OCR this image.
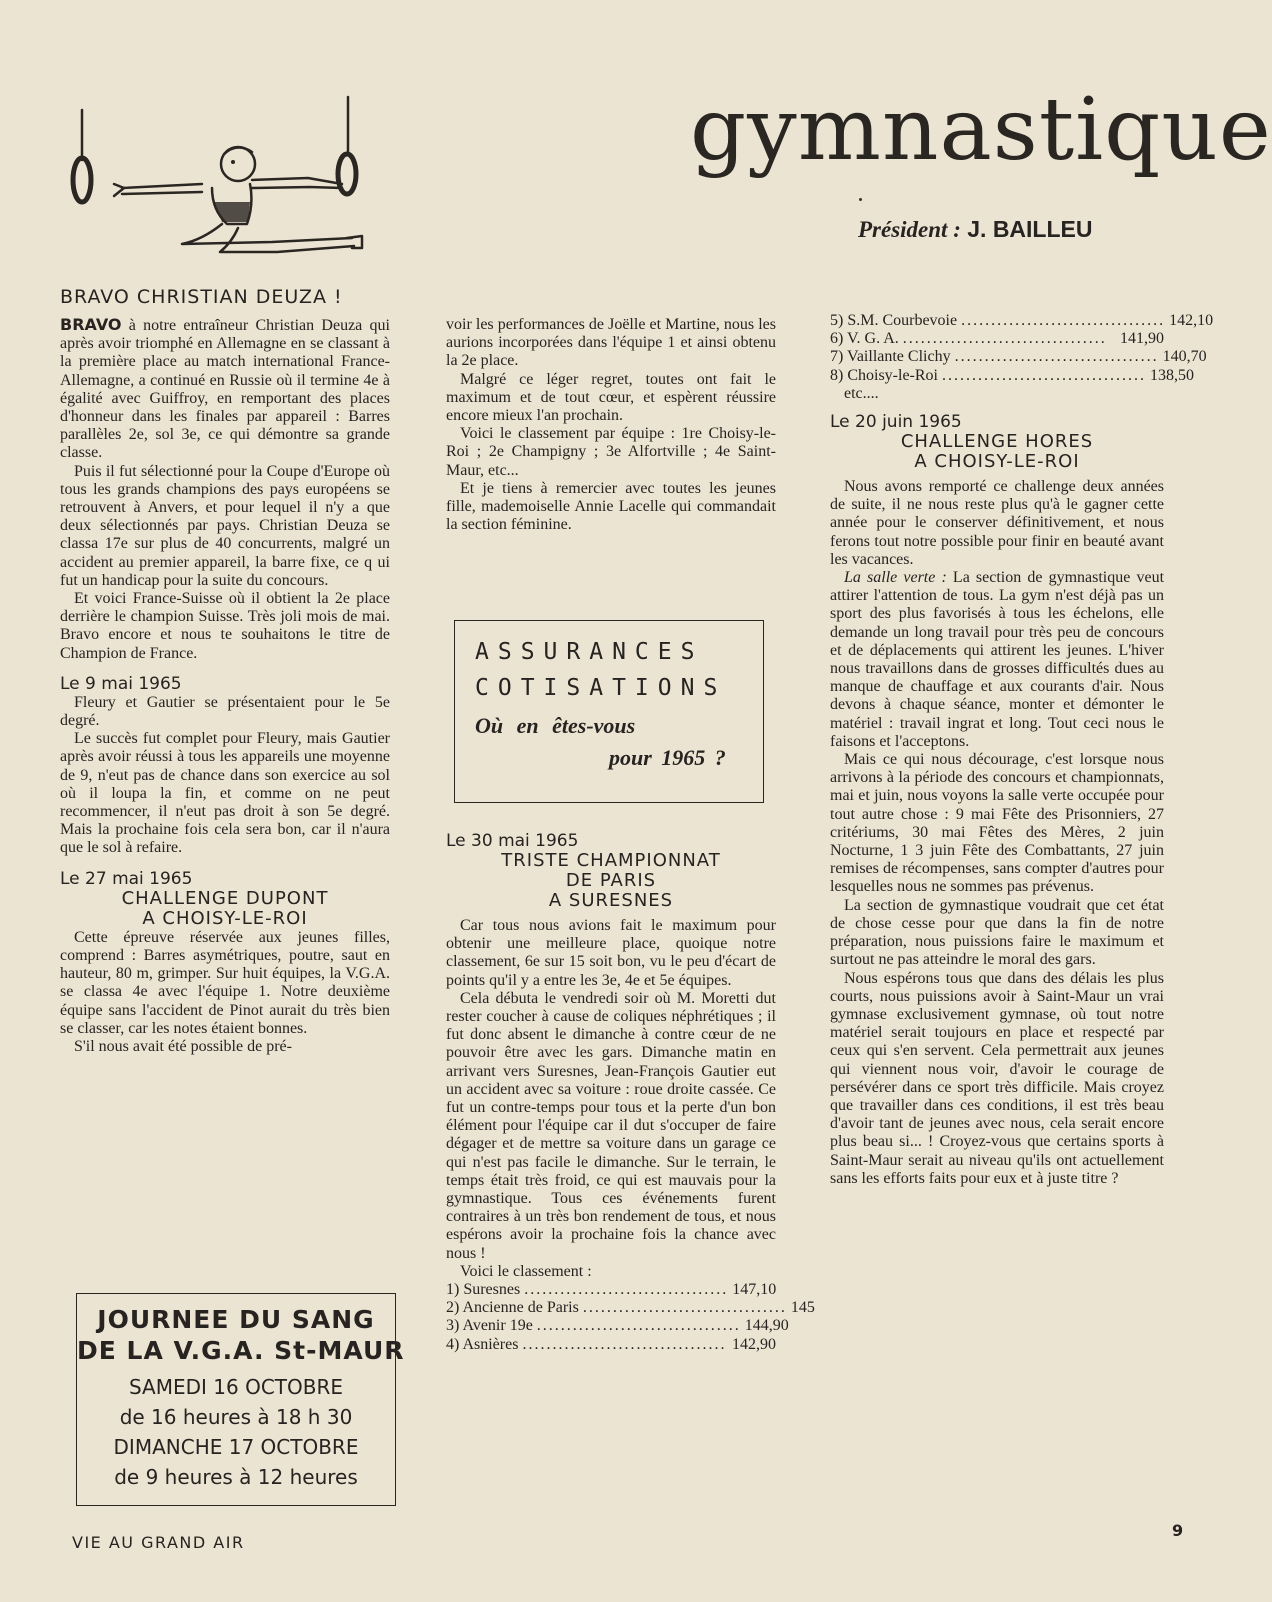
gymnastique
Président : J. BAILLEU
BRAVO CHRISTIAN DEUZA !

BRAVO à notre entraîneur Christian Deuza qui après avoir triomphé en Allemagne en se classant à la première place au match international France-Allemagne, a continué en Russie où il termine 4e à égalité avec Guiffroy, en remportant des places d'honneur dans les finales par appareil : Barres parallèles 2e, sol 3e, ce qui démontre sa grande classe.

Puis il fut sélectionné pour la Coupe d'Europe où tous les grands champions des pays européens se retrouvent à Anvers, et pour lequel il n'y a que deux sélectionnés par pays. Christian Deuza se classa 17e sur plus de 40 concurrents, malgré un accident au premier appareil, la barre fixe, ce q ui fut un handicap pour la suite du concours.

Et voici France-Suisse où il obtient la 2e place derrière le champion Suisse. Très joli mois de mai. Bravo encore et nous te souhaitons le titre de Champion de France.

Le 9 mai 1965

Fleury et Gautier se présentaient pour le 5e degré.

Le succès fut complet pour Fleury, mais Gautier après avoir réussi à tous les appareils une moyenne de 9, n'eut pas de chance dans son exercice au sol où il loupa la fin, et comme on ne peut recommencer, il n'eut pas droit à son 5e degré. Mais la prochaine fois cela sera bon, car il n'aura que le sol à refaire.

Le 27 mai 1965
CHALLENGE DUPONT
A CHOISY-LE-ROI

Cette épreuve réservée aux jeunes filles, comprend : Barres asymétriques, poutre, saut en hauteur, 80 m, grimper. Sur huit équipes, la V.G.A. se classa 4e avec l'équipe 1. Notre deuxième équipe sans l'accident de Pinot aurait du très bien se classer, car les notes étaient bonnes.

S'il nous avait été possible de pré-

JOURNEE DU SANG
DE LA V.G.A. St-MAUR
SAMEDI 16 OCTOBRE
de 16 heures à 18 h 30
DIMANCHE 17 OCTOBRE
de 9 heures à 12 heures

voir les performances de Joëlle et Martine, nous les aurions incorporées dans l'équipe 1 et ainsi obtenu la 2e place.

Malgré ce léger regret, toutes ont fait le maximum et de tout cœur, et espèrent réussire encore mieux l'an prochain.

Voici le classement par équipe : 1re Choisy-le-Roi ; 2e Champigny ; 3e Alfortville ; 4e Saint-Maur, etc...

Et je tiens à remercier avec toutes les jeunes fille, mademoiselle Annie Lacelle qui commandait la section féminine.

ASSURANCES
COTISATIONS
Où en êtes-vous
pour 1965 ?
Le 30 mai 1965
TRISTE CHAMPIONNAT
DE PARIS
A SURESNES

Car tous nous avions fait le maximum pour obtenir une meilleure place, quoique notre classement, 6e sur 15 soit bon, vu le peu d'écart de points qu'il y a entre les 3e, 4e et 5e équipes.

Cela débuta le vendredi soir où M. Moretti dut rester coucher à cause de coliques néphrétiques ; il fut donc absent le dimanche à contre cœur de ne pouvoir être avec les gars. Dimanche matin en arrivant vers Suresnes, Jean-François Gautier eut un accident avec sa voiture : roue droite cassée. Ce fut un contre-temps pour tous et la perte d'un bon élément pour l'équipe car il dut s'occuper de faire dégager et de mettre sa voiture dans un garage ce qui n'est pas facile le dimanche. Sur le terrain, le temps était très froid, ce qui est mauvais pour la gymnastique. Tous ces événements furent contraires à un très bon rendement de tous, et nous espérons avoir la prochaine fois la chance avec nous !

Voici le classement :

1) Suresnes .................................. 147,10
2) Ancienne de Paris .................................. 145
3) Avenir 19e .................................. 144,90
4) Asnières .................................. 142,90
5) S.M. Courbevoie .................................. 142,10
6) V. G. A. .................................. 141,90
7) Vaillante Clichy .................................. 140,70
8) Choisy-le-Roi .................................. 138,50

etc....

Le 20 juin 1965
CHALLENGE HORES
A CHOISY-LE-ROI

Nous avons remporté ce challenge deux années de suite, il ne nous reste plus qu'à le gagner cette année pour le conserver définitivement, et nous ferons tout notre possible pour finir en beauté avant les vacances.

La salle verte : La section de gymnastique veut attirer l'attention de tous. La gym n'est déjà pas un sport des plus favorisés à tous les échelons, elle demande un long travail pour très peu de concours et de déplacements qui attirent les jeunes. L'hiver nous travaillons dans de grosses difficultés dues au manque de chauffage et aux courants d'air. Nous devons à chaque séance, monter et démonter le matériel : travail ingrat et long. Tout ceci nous le faisons et l'acceptons.

Mais ce qui nous décourage, c'est lorsque nous arrivons à la période des concours et championnats, mai et juin, nous voyons la salle verte occupée pour tout autre chose : 9 mai Fête des Prisonniers, 27 critériums, 30 mai Fêtes des Mères, 2 juin Nocturne, 1 3 juin Fête des Combattants, 27 juin remises de récompenses, sans compter d'autres pour lesquelles nous ne sommes pas prévenus.

La section de gymnastique voudrait que cet état de chose cesse pour que dans la fin de notre préparation, nous puissions faire le maximum et surtout ne pas atteindre le moral des gars.

Nous espérons tous que dans des délais les plus courts, nous puissions avoir à Saint-Maur un vrai gymnase exclusivement gymnase, où tout notre matériel serait toujours en place et respecté par ceux qui s'en servent. Cela permettrait aux jeunes qui viennent nous voir, d'avoir le courage de persévérer dans ce sport très difficile. Mais croyez que travailler dans ces conditions, il est très beau d'avoir tant de jeunes avec nous, cela serait encore plus beau si... ! Croyez-vous que certains sports à Saint-Maur serait au niveau qu'ils ont actuellement sans les efforts faits pour eux et à juste titre ?

VIE AU GRAND AIR
9
